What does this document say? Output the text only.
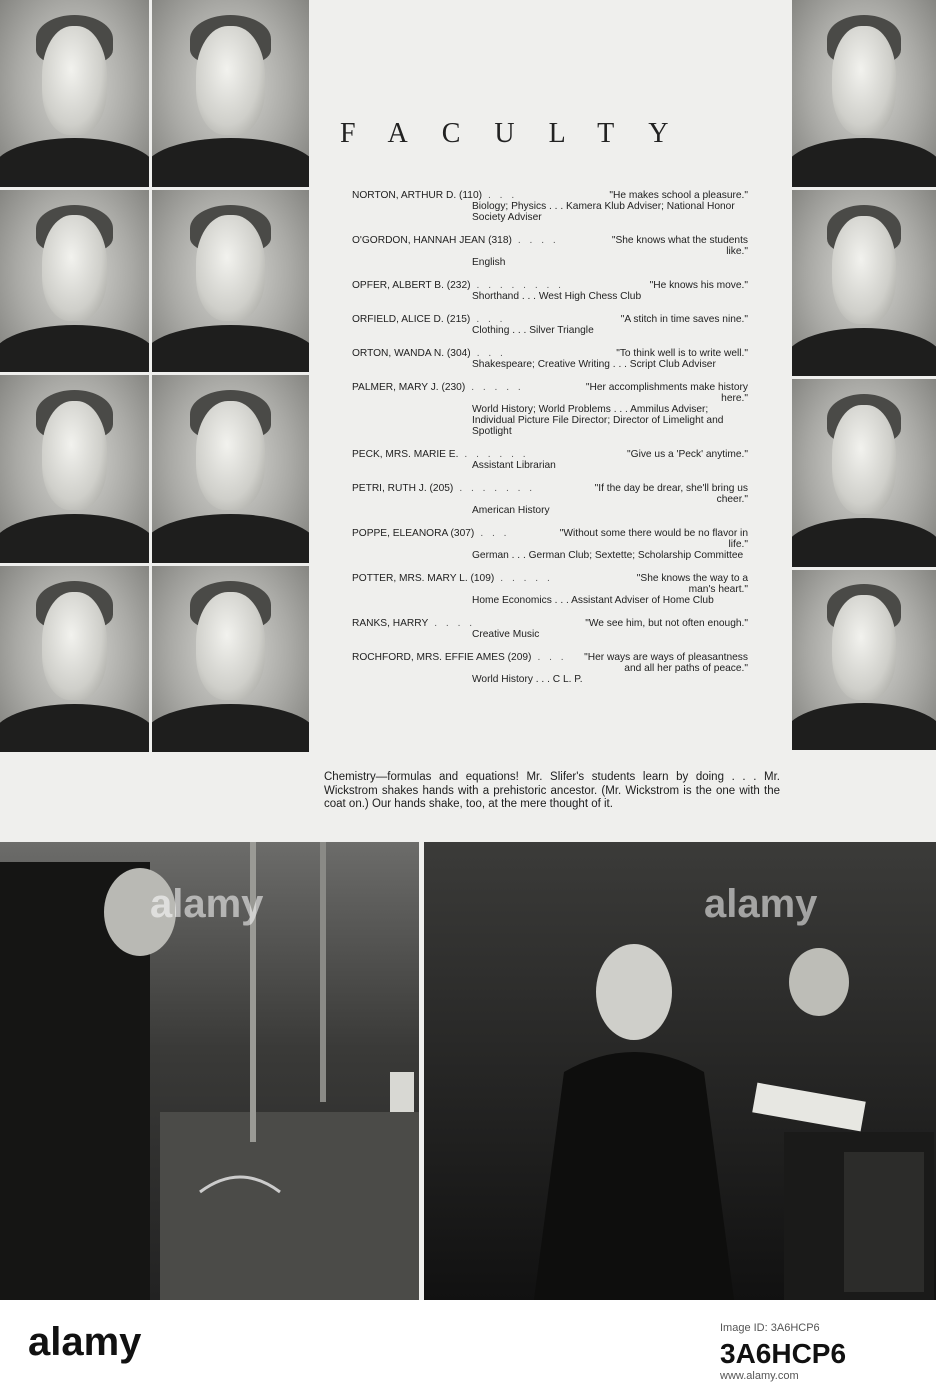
FACULTY
NORTON, ARTHUR D. (110) . . .	"He makes school a pleasure."
Biology; Physics . . . Kamera Klub Adviser; National Honor Society Adviser
O'GORDON, HANNAH JEAN (318) . . . .	"She knows what the students like."
English
OPFER, ALBERT B. (232) . . . . . . . .	"He knows his move."
Shorthand . . . West High Chess Club
ORFIELD, ALICE D. (215) . . .	"A stitch in time saves nine."
Clothing . . . Silver Triangle
ORTON, WANDA N. (304) . . .	"To think well is to write well."
Shakespeare; Creative Writing . . . Script Club Adviser
PALMER, MARY J. (230) . . . . .	"Her accomplishments make history here."
World History; World Problems . . . Ammilus Adviser; Individual Picture File Director; Director of Limelight and Spotlight
PECK, MRS. MARIE E. . . . . . .	"Give us a 'Peck' anytime."
Assistant Librarian
PETRI, RUTH J. (205) . . . . . . .	"If the day be drear, she'll bring us cheer."
American History
POPPE, ELEANORA (307) . . .	"Without some there would be no flavor in life."
German . . . German Club; Sextette; Scholarship Committee
POTTER, MRS. MARY L. (109) . . . . .	"She knows the way to a man's heart."
Home Economics . . . Assistant Adviser of Home Club
RANKS, HARRY . . . .	"We see him, but not often enough."
Creative Music
ROCHFORD, MRS. EFFIE AMES (209) . . .	"Her ways are ways of pleasantness and all her paths of peace."
World History . . . C L. P.
Chemistry—formulas and equations! Mr. Slifer's students learn by doing . . . Mr. Wickstrom shakes hands with a prehistoric ancestor. (Mr. Wickstrom is the one with the coat on.) Our hands shake, too, at the mere thought of it.
alamy	alamy
alamy	Image ID: 3A6HCP6
3A6HCP6
www.alamy.com
